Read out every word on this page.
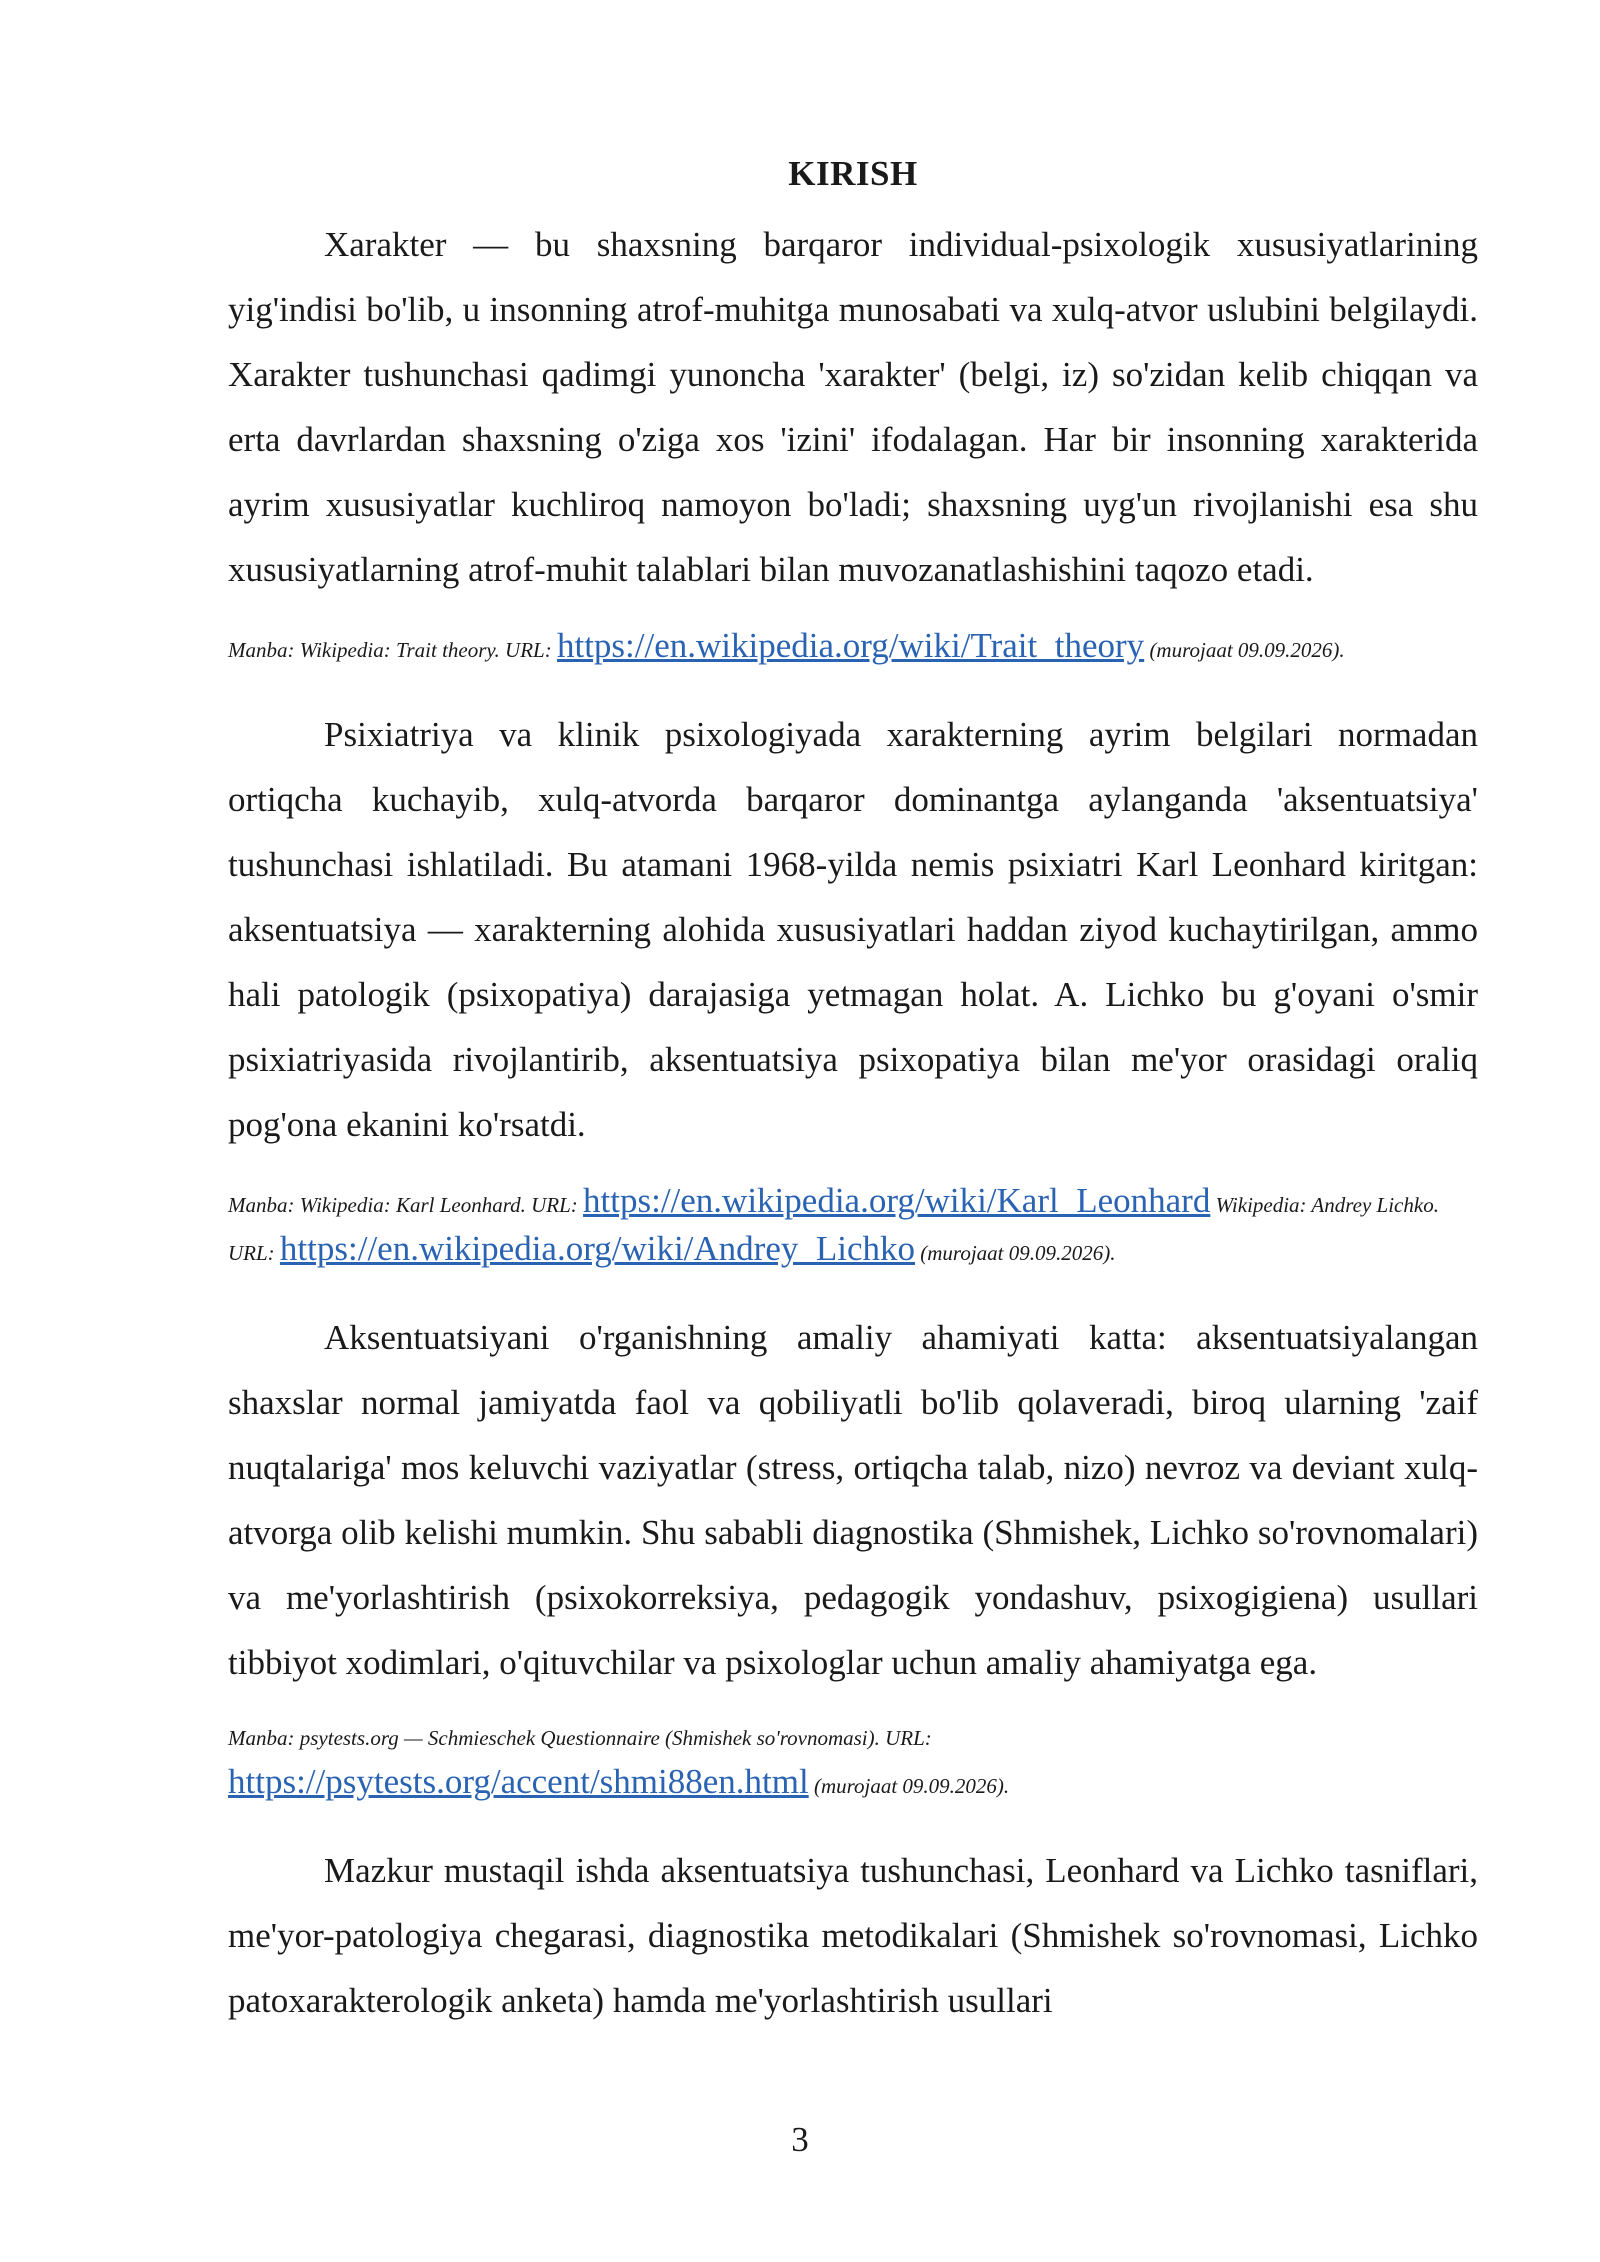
KIRISH

Xarakter — bu shaxsning barqaror individual-psixologik xususiyatlarining yig'indisi bo'lib, u insonning atrof-muhitga munosabati va xulq-atvor uslubini belgilaydi. Xarakter tushunchasi qadimgi yunoncha 'xarakter' (belgi, iz) so'zidan kelib chiqqan va erta davrlardan shaxsning o'ziga xos 'izini' ifodalagan. Har bir insonning xarakterida ayrim xususiyatlar kuchliroq namoyon bo'ladi; shaxsning uyg'un rivojlanishi esa shu xususiyatlarning atrof-muhit talablari bilan muvozanatlashishini taqozo etadi.

Manba: Wikipedia: Trait theory. URL: https://en.wikipedia.org/wiki/Trait_theory (murojaat 09.09.2026).

Psixiatriya va klinik psixologiyada xarakterning ayrim belgilari normadan ortiqcha kuchayib, xulq-atvorda barqaror dominantga aylanganda 'aksentuatsiya' tushunchasi ishlatiladi. Bu atamani 1968-yilda nemis psixiatri Karl Leonhard kiritgan: aksentuatsiya — xarakterning alohida xususiyatlari haddan ziyod kuchaytirilgan, ammo hali patologik (psixopatiya) darajasiga yetmagan holat. A. Lichko bu g'oyani o'smir psixiatriyasida rivojlantirib, aksentuatsiya psixopatiya bilan me'yor orasidagi oraliq pog'ona ekanini ko'rsatdi.

Manba: Wikipedia: Karl Leonhard. URL: https://en.wikipedia.org/wiki/Karl_Leonhard Wikipedia: Andrey Lichko. URL: https://en.wikipedia.org/wiki/Andrey_Lichko (murojaat 09.09.2026).

Aksentuatsiyani o'rganishning amaliy ahamiyati katta: aksentuatsiyalangan shaxslar normal jamiyatda faol va qobiliyatli bo'lib qolaveradi, biroq ularning 'zaif nuqtalariga' mos keluvchi vaziyatlar (stress, ortiqcha talab, nizo) nevroz va deviant xulq-atvorga olib kelishi mumkin. Shu sababli diagnostika (Shmishek, Lichko so'rovnomalari) va me'yorlashtirish (psixokorreksiya, pedagogik yondashuv, psixogigiena) usullari tibbiyot xodimlari, o'qituvchilar va psixologlar uchun amaliy ahamiyatga ega.

Manba: psytests.org — Schmieschek Questionnaire (Shmishek so'rovnomasi). URL: https://psytests.org/accent/shmi88en.html (murojaat 09.09.2026).

Mazkur mustaqil ishda aksentuatsiya tushunchasi, Leonhard va Lichko tasniflari, me'yor-patologiya chegarasi, diagnostika metodikalari (Shmishek so'rovnomasi, Lichko patoxarakterologik anketa) hamda me'yorlashtirish usullari

3
